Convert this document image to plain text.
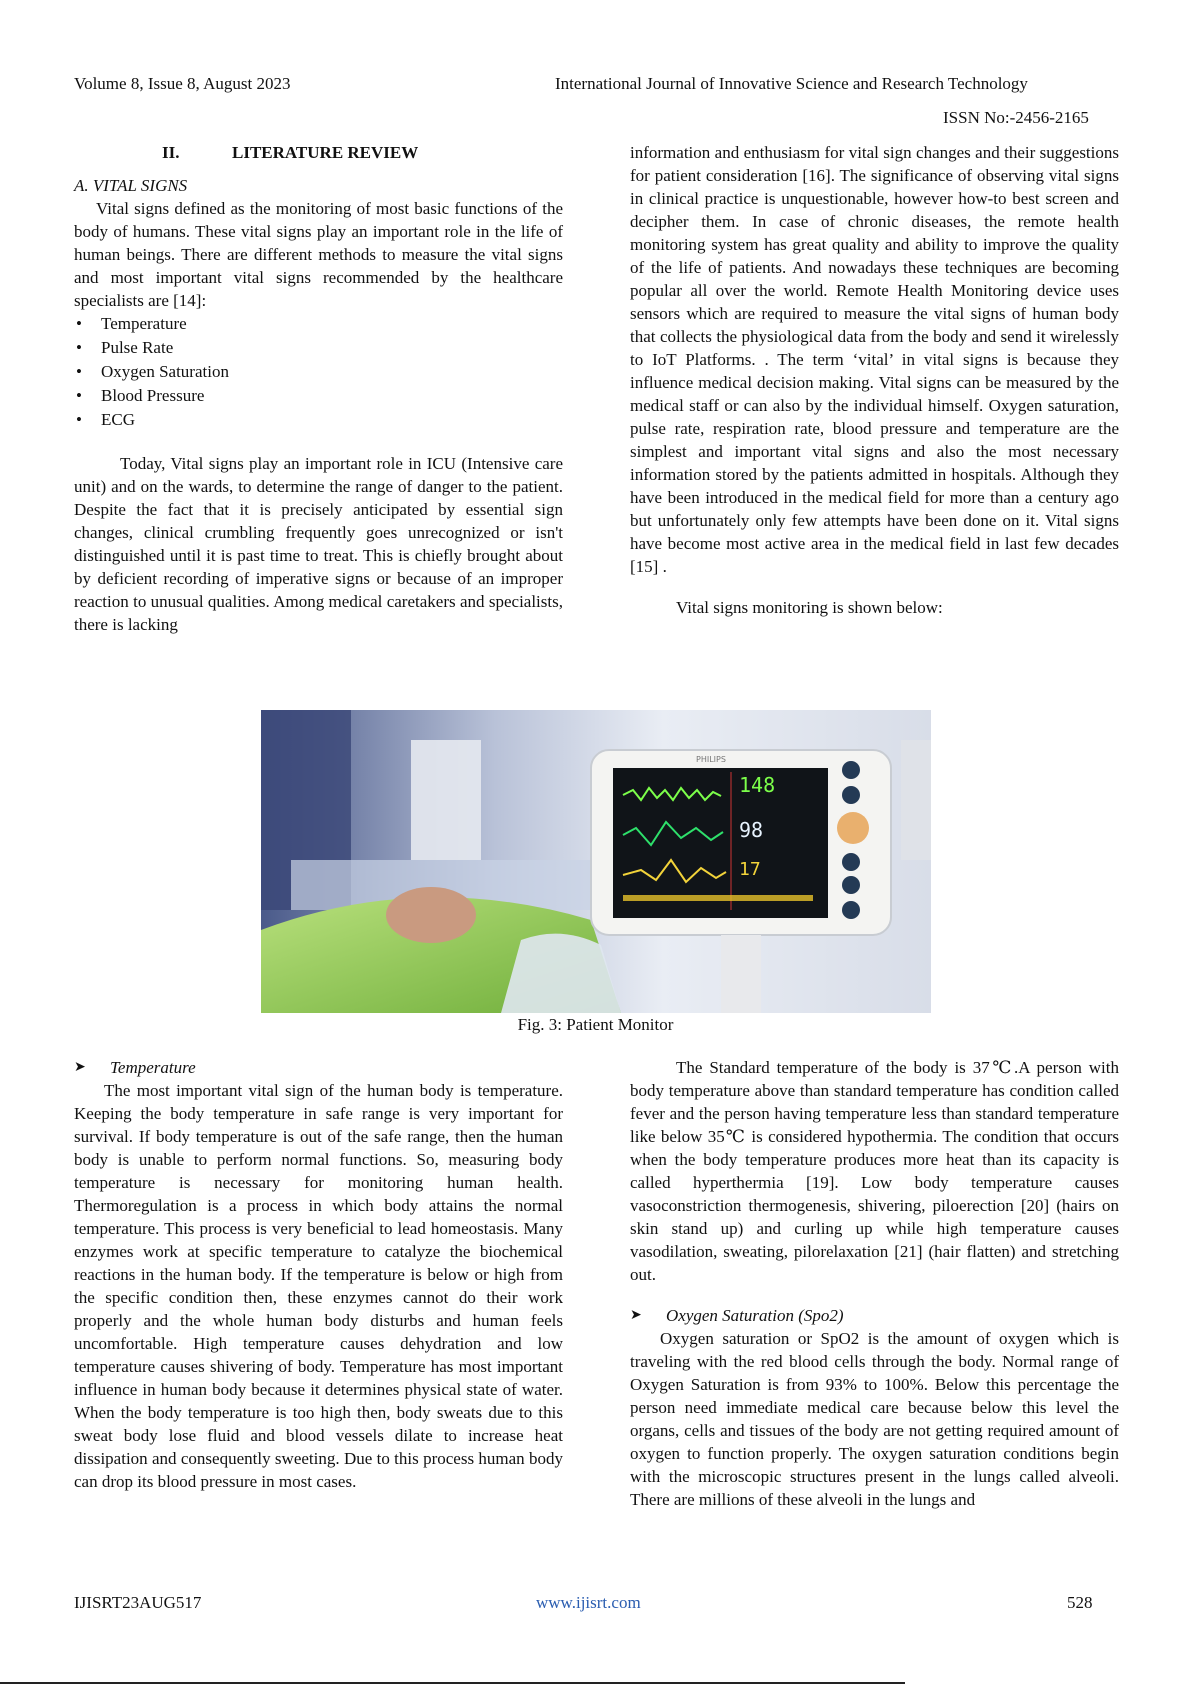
Volume 8, Issue 8, August 2023	International Journal of Innovative Science and Research Technology
ISSN No:-2456-2165

II.	LITERATURE REVIEW

A. VITAL SIGNS

Vital signs defined as the monitoring of most basic functions of the body of humans. These vital signs play an important role in the life of human beings. There are different methods to measure the vital signs and most important vital signs recommended by the healthcare specialists are [14]:

• Temperature
• Pulse Rate
• Oxygen Saturation
• Blood Pressure
• ECG

Today, Vital signs play an important role in ICU (Intensive care unit) and on the wards, to determine the range of danger to the patient. Despite the fact that it is precisely anticipated by essential sign changes, clinical crumbling frequently goes unrecognized or isn't distinguished until it is past time to treat. This is chiefly brought about by deficient recording of imperative signs or because of an improper reaction to unusual qualities. Among medical caretakers and specialists, there is lacking

information and enthusiasm for vital sign changes and their suggestions for patient consideration [16]. The significance of observing vital signs in clinical practice is unquestionable, however how-to best screen and decipher them. In case of chronic diseases, the remote health monitoring system has great quality and ability to improve the quality of the life of patients. And nowadays these techniques are becoming popular all over the world. Remote Health Monitoring device uses sensors which are required to measure the vital signs of human body that collects the physiological data from the body and send it wirelessly to IoT Platforms. . The term ‘vital’ in vital signs is because they influence medical decision making. Vital signs can be measured by the medical staff or can also by the individual himself. Oxygen saturation, pulse rate, respiration rate, blood pressure and temperature are the simplest and important vital signs and also the most necessary information stored by the patients admitted in hospitals. Although they have been introduced in the medical field for more than a century ago but unfortunately only few attempts have been done on it. Vital signs have become most active area in the medical field in last few decades [15] .

Vital signs monitoring is shown below:

PHILIPS
148
98
17
Fig. 3: Patient Monitor

➤	Temperature

The most important vital sign of the human body is temperature. Keeping the body temperature in safe range is very important for survival. If body temperature is out of the safe range, then the human body is unable to perform normal functions. So, measuring body temperature is necessary for monitoring human health. Thermoregulation is a process in which body attains the normal temperature. This process is very beneficial to lead homeostasis. Many enzymes work at specific temperature to catalyze the biochemical reactions in the human body. If the temperature is below or high from the specific condition then, these enzymes cannot do their work properly and the whole human body disturbs and human feels uncomfortable. High temperature causes dehydration and low temperature causes shivering of body. Temperature has most important influence in human body because it determines physical state of water. When the body temperature is too high then, body sweats due to this sweat body lose fluid and blood vessels dilate to increase heat dissipation and consequently sweeting. Due to this process human body can drop its blood pressure in most cases.

The Standard temperature of the body is 37℃.A person with body temperature above than standard temperature has condition called fever and the person having temperature less than standard temperature like below 35℃ is considered hypothermia. The condition that occurs when the body temperature produces more heat than its capacity is called hyperthermia [19]. Low body temperature causes vasoconstriction thermogenesis, shivering, piloerection [20] (hairs on skin stand up) and curling up while high temperature causes vasodilation, sweating, pilorelaxation [21] (hair flatten) and stretching out.

➤	Oxygen Saturation (Spo2)

Oxygen saturation or SpO2 is the amount of oxygen which is traveling with the red blood cells through the body. Normal range of Oxygen Saturation is from 93% to 100%. Below this percentage the person need immediate medical care because below this level the organs, cells and tissues of the body are not getting required amount of oxygen to function properly. The oxygen saturation conditions begin with the microscopic structures present in the lungs called alveoli. There are millions of these alveoli in the lungs and

IJISRT23AUG517	www.ijisrt.com	528
